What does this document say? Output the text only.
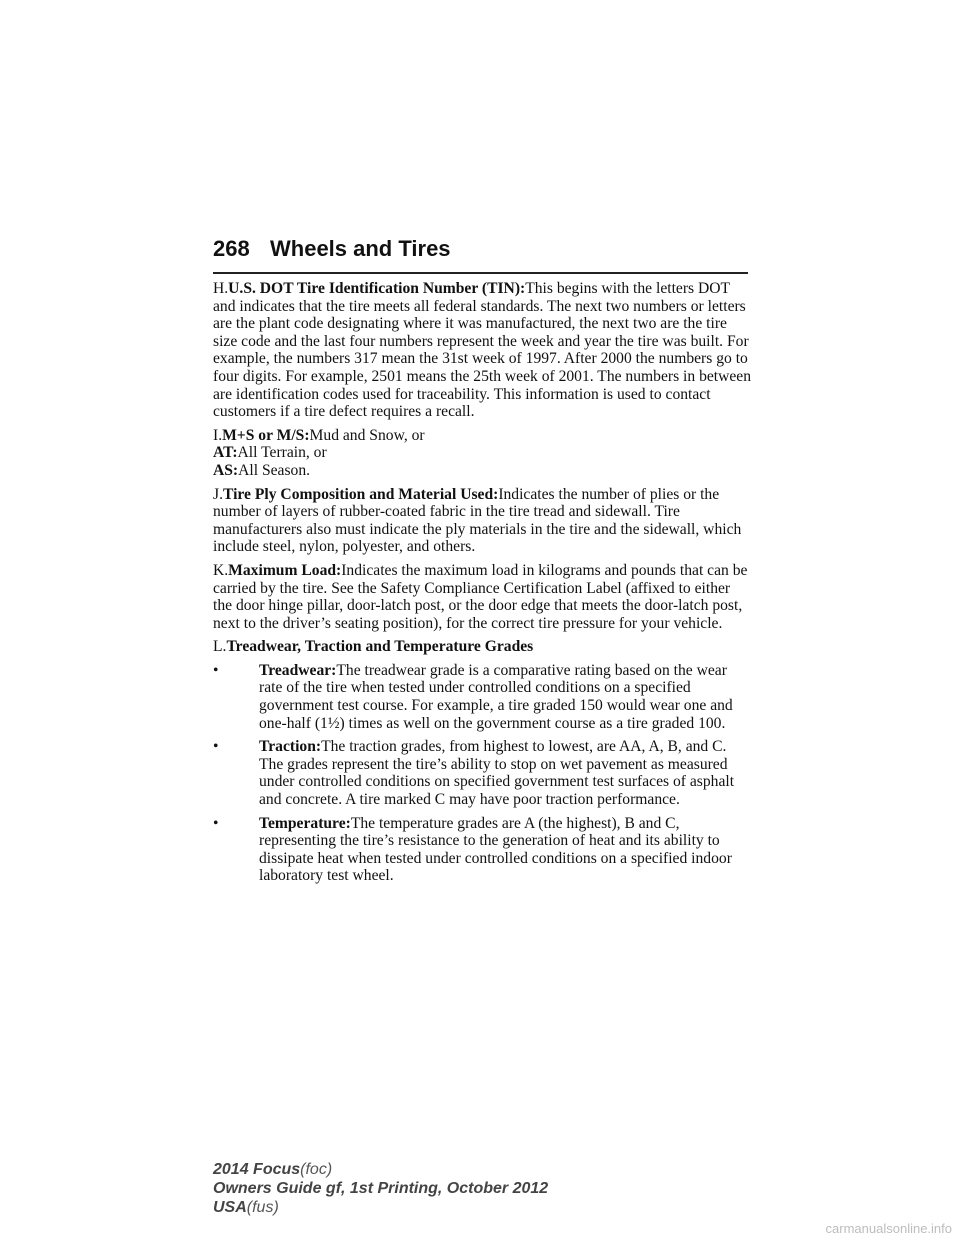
268 Wheels and Tires

H.U.S. DOT Tire Identification Number (TIN):This begins with the letters DOT and indicates that the tire meets all federal standards. The next two numbers or letters are the plant code designating where it was manufactured, the next two are the tire size code and the last four numbers represent the week and year the tire was built. For example, the numbers 317 mean the 31st week of 1997. After 2000 the numbers go to four digits. For example, 2501 means the 25th week of 2001. The numbers in between are identification codes used for traceability. This information is used to contact customers if a tire defect requires a recall.

I.M+S or M/S:Mud and Snow, or

AT:All Terrain, or

AS:All Season.

J.Tire Ply Composition and Material Used:Indicates the number of plies or the number of layers of rubber-coated fabric in the tire tread and sidewall. Tire manufacturers also must indicate the ply materials in the tire and the sidewall, which include steel, nylon, polyester, and others.

K.Maximum Load:Indicates the maximum load in kilograms and pounds that can be carried by the tire. See the Safety Compliance Certification Label (affixed to either the door hinge pillar, door-latch post, or the door edge that meets the door-latch post, next to the driver’s seating position), for the correct tire pressure for your vehicle.

L.Treadwear, Traction and Temperature Grades

•	Treadwear:The treadwear grade is a comparative rating based on the wear rate of the tire when tested under controlled conditions on a specified government test course. For example, a tire graded 150 would wear one and one-half (1½) times as well on the government course as a tire graded 100.
•	Traction:The traction grades, from highest to lowest, are AA, A, B, and C. The grades represent the tire’s ability to stop on wet pavement as measured under controlled conditions on specified government test surfaces of asphalt and concrete. A tire marked C may have poor traction performance.
•	Temperature:The temperature grades are A (the highest), B and C, representing the tire’s resistance to the generation of heat and its ability to dissipate heat when tested under controlled conditions on a specified indoor laboratory test wheel.
2014 Focus(foc)
Owners Guide gf, 1st Printing, October 2012
USA(fus)
carmanualsonline.info
